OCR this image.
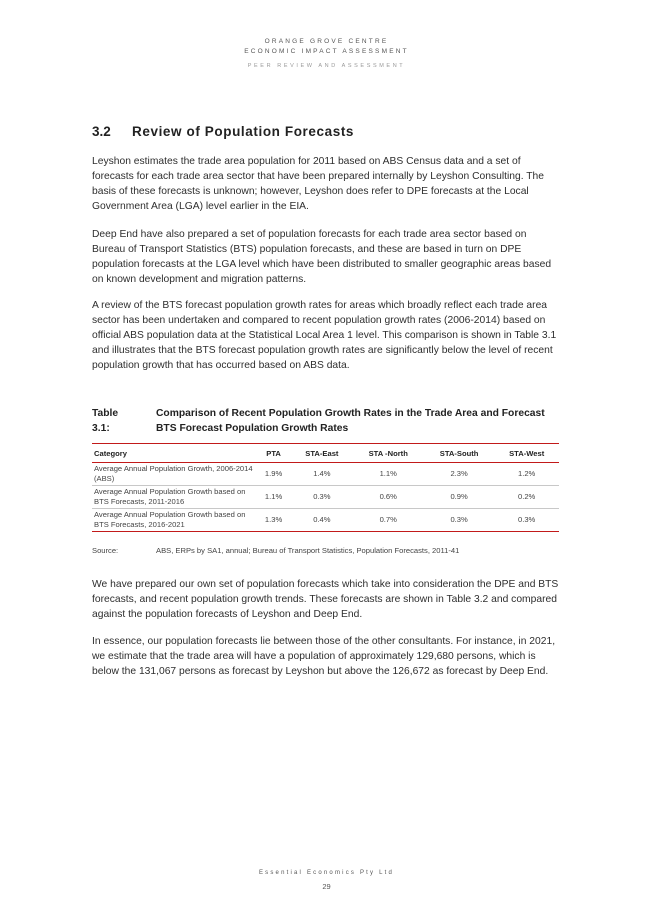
ORANGE GROVE CENTRE
ECONOMIC IMPACT ASSESSMENT
PEER REVIEW AND ASSESSMENT
3.2 Review of Population Forecasts

Leyshon estimates the trade area population for 2011 based on ABS Census data and a set of forecasts for each trade area sector that have been prepared internally by Leyshon Consulting. The basis of these forecasts is unknown; however, Leyshon does refer to DPE forecasts at the Local Government Area (LGA) level earlier in the EIA.

Deep End have also prepared a set of population forecasts for each trade area sector based on Bureau of Transport Statistics (BTS) population forecasts, and these are based in turn on DPE population forecasts at the LGA level which have been distributed to smaller geographic areas based on known development and migration patterns.

A review of the BTS forecast population growth rates for areas which broadly reflect each trade area sector has been undertaken and compared to recent population growth rates (2006-2014) based on official ABS population data at the Statistical Local Area 1 level. This comparison is shown in Table 3.1 and illustrates that the BTS forecast population growth rates are significantly below the level of recent population growth that has occurred based on ABS data.

Table 3.1:
Comparison of Recent Population Growth Rates in the Trade Area and Forecast BTS Forecast Population Growth Rates
Category	PTA	STA-East	STA -North	STA-South	STA-West
Average Annual Population Growth, 2006-2014 (ABS)	1.9%	1.4%	1.1%	2.3%	1.2%
Average Annual Population Growth based on BTS Forecasts, 2011-2016	1.1%	0.3%	0.6%	0.9%	0.2%
Average Annual Population Growth based on BTS Forecasts, 2016-2021	1.3%	0.4%	0.7%	0.3%	0.3%
Source:	ABS, ERPs by SA1, annual; Bureau of Transport Statistics, Population Forecasts, 2011-41

We have prepared our own set of population forecasts which take into consideration the DPE and BTS forecasts, and recent population growth trends. These forecasts are shown in Table 3.2 and compared against the population forecasts of Leyshon and Deep End.

In essence, our population forecasts lie between those of the other consultants. For instance, in 2021, we estimate that the trade area will have a population of approximately 129,680 persons, which is below the 131,067 persons as forecast by Leyshon but above the 126,672 as forecast by Deep End.

Essential Economics Pty Ltd
29
